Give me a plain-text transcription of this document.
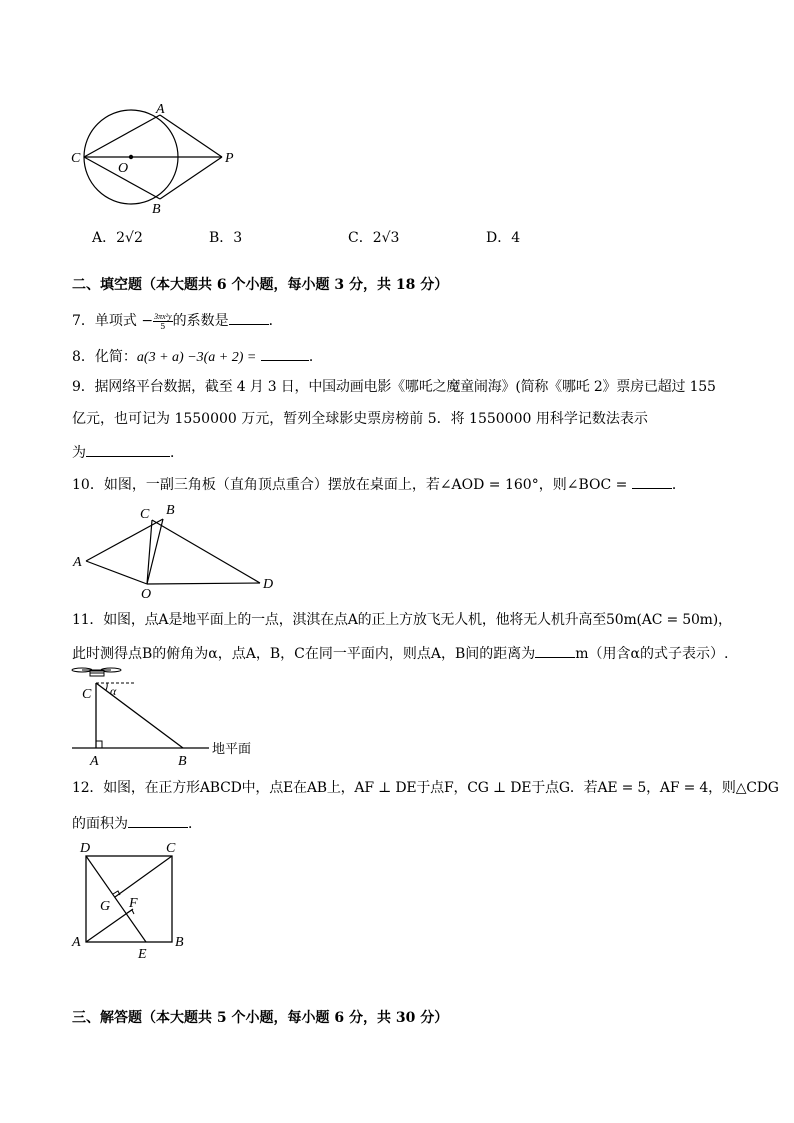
A
C
O
P
B
A．2√2	B．3	C．2√3	D．4
二、填空题（本大题共 6 个小题，每小题 3 分，共 18 分）
7．单项式 − $\frac{\text{3πx²y}}{5}$ 的系数是	．
8．化简：a(3 + a) −3(a + 2) =	．
9．据网络平台数据，截至 4 月 3 日，中国动画电影《哪吒之魔童闹海》(简称《哪吒 2》票房已超过 155
亿元，也可记为 1550000 万元，暂列全球影史票房榜前 5．将 1550000 用科学记数法表示
为	．
10．如图，一副三角板（直角顶点重合）摆放在桌面上，若∠AOD = 160°，则∠BOC =	．
C B
A
O
D
11．如图，点A是地平面上的一点，淇淇在点A的正上方放飞无人机，他将无人机升高至50m(AC = 50m)，
此时测得点B的俯角为α，点A，B，C在同一平面内，则点A，B间的距离为	m（用含α的式子表示）.
C α
A	B
地平面
12．如图，在正方形ABCD中，点E在AB上，AF ⊥ DE于点F，CG ⊥ DE于点G．若AE = 5，AF = 4，则△CDG
的面积为	．
D	C
G F
A	B
E
三、解答题（本大题共 5 个小题，每小题 6 分，共 30 分）
